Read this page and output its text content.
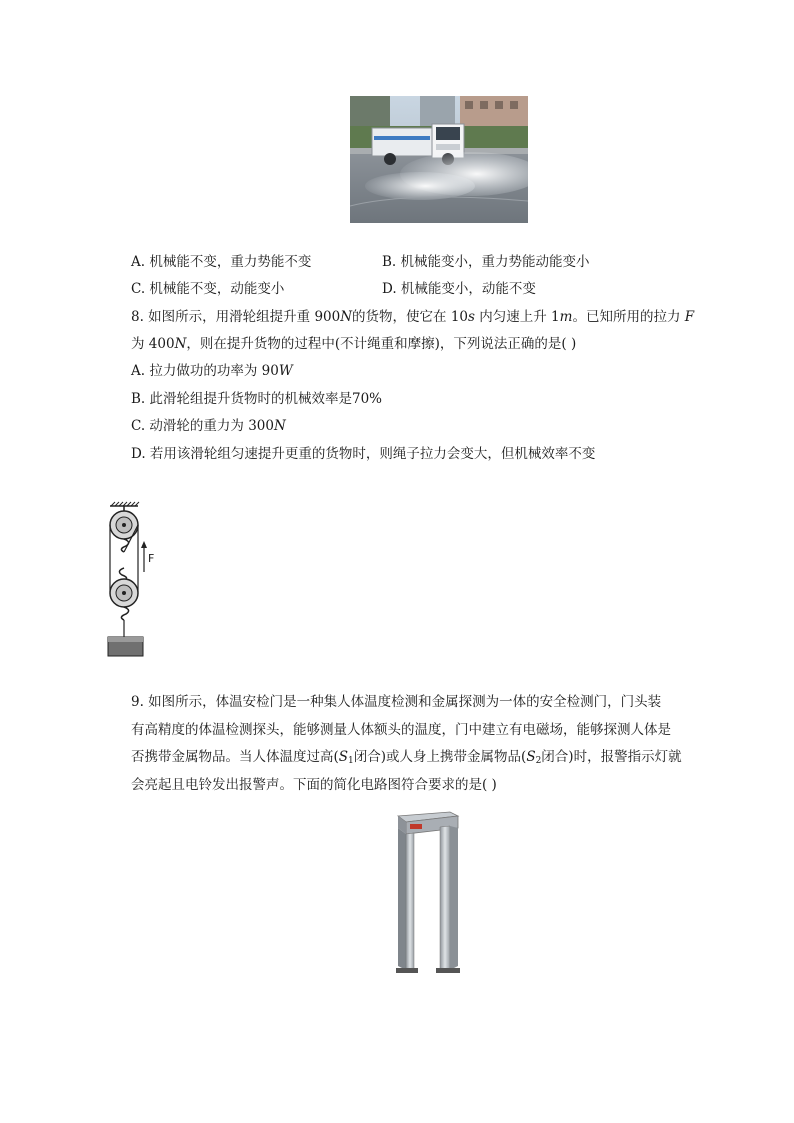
A. 机械能不变，重力势能不变	B. 机械能变小，重力势能动能变小
C. 机械能不变，动能变小	D. 机械能变小，动能不变
8. 如图所示，用滑轮组提升重 900N的货物，使它在 10s 内匀速上升 1m。已知所用的拉力 F
为 400N，则在提升货物的过程中(不计绳重和摩擦)，下列说法正确的是( )
A. 拉力做功的功率为 90W
B. 此滑轮组提升货物时的机械效率是70%
C. 动滑轮的重力为 300N
D. 若用该滑轮组匀速提升更重的货物时，则绳子拉力会变大，但机械效率不变
F
9. 如图所示，体温安检门是一种集人体温度检测和金属探测为一体的安全检测门，门头装
有高精度的体温检测探头，能够测量人体额头的温度，门中建立有电磁场，能够探测人体是
否携带金属物品。当人体温度过高($S_1$闭合)或人身上携带金属物品($S_2$闭合)时，报警指示灯就
会亮起且电铃发出报警声。下面的简化电路图符合要求的是( )
